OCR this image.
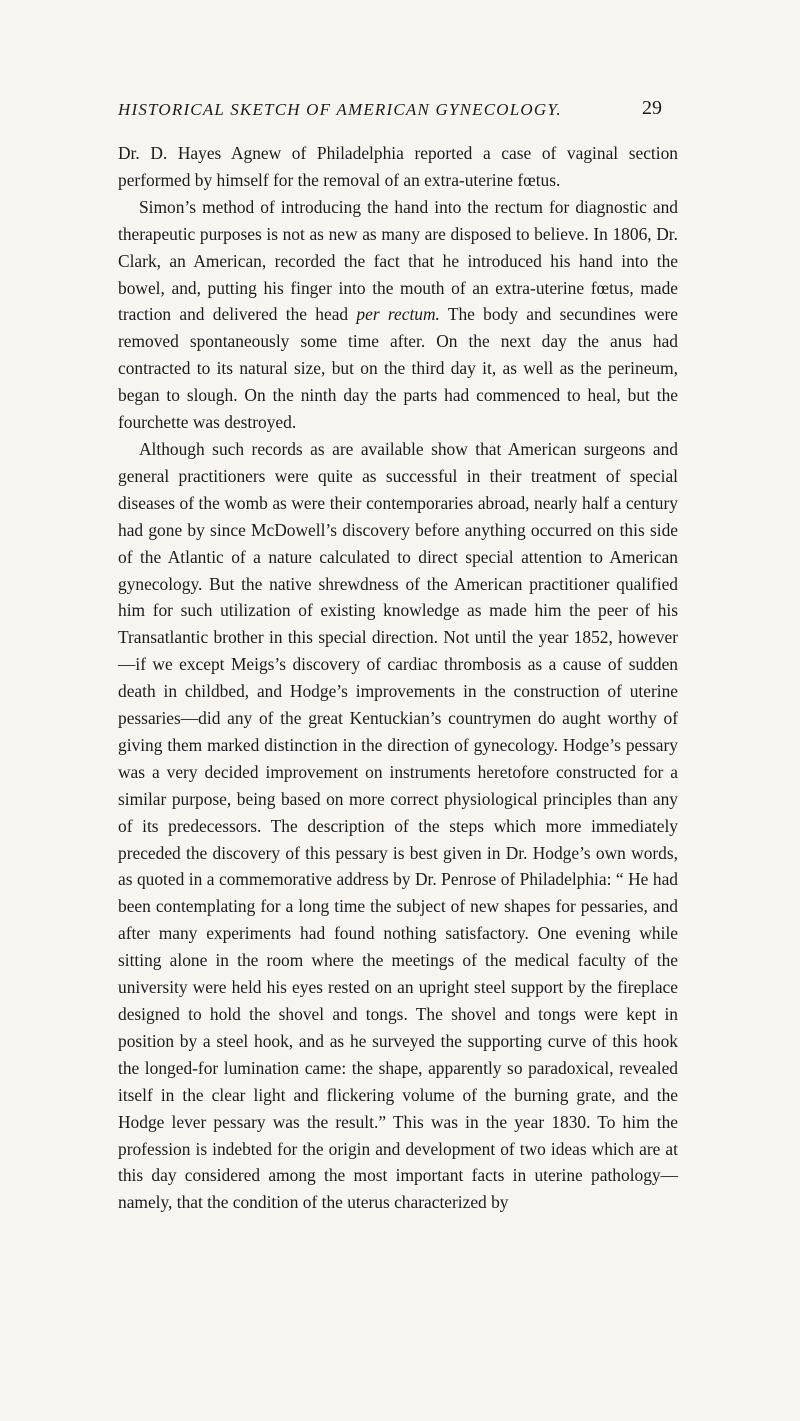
HISTORICAL SKETCH OF AMERICAN GYNECOLOGY.	29

Dr. D. Hayes Agnew of Philadelphia reported a case of vaginal section performed by himself for the removal of an extra-uterine fœtus.

Simon’s method of introducing the hand into the rectum for diagnostic and therapeutic purposes is not as new as many are disposed to believe. In 1806, Dr. Clark, an American, recorded the fact that he introduced his hand into the bowel, and, putting his finger into the mouth of an extra-uterine fœtus, made traction and delivered the head per rectum. The body and secundines were removed spontaneously some time after. On the next day the anus had contracted to its natural size, but on the third day it, as well as the perineum, began to slough. On the ninth day the parts had commenced to heal, but the fourchette was destroyed.

Although such records as are available show that American surgeons and general practitioners were quite as successful in their treatment of special diseases of the womb as were their contemporaries abroad, nearly half a century had gone by since McDowell’s discovery before anything occurred on this side of the Atlantic of a nature calculated to direct special attention to American gynecology. But the native shrewdness of the American practitioner qualified him for such utilization of existing knowledge as made him the peer of his Transatlantic brother in this special direction. Not until the year 1852, however—if we except Meigs’s discovery of cardiac thrombosis as a cause of sudden death in childbed, and Hodge’s improvements in the construction of uterine pessaries—did any of the great Kentuckian’s countrymen do aught worthy of giving them marked distinction in the direction of gynecology. Hodge’s pessary was a very decided improvement on instruments heretofore constructed for a similar purpose, being based on more correct physiological principles than any of its predecessors. The description of the steps which more immediately preceded the discovery of this pessary is best given in Dr. Hodge’s own words, as quoted in a commemorative address by Dr. Penrose of Philadelphia: “ He had been contemplating for a long time the subject of new shapes for pessaries, and after many experiments had found nothing satisfactory. One evening while sitting alone in the room where the meetings of the medical faculty of the university were held his eyes rested on an upright steel support by the fireplace designed to hold the shovel and tongs. The shovel and tongs were kept in position by a steel hook, and as he surveyed the supporting curve of this hook the longed-for lumination came: the shape, apparently so paradoxical, revealed itself in the clear light and flickering volume of the burning grate, and the Hodge lever pessary was the result.” This was in the year 1830. To him the profession is indebted for the origin and development of two ideas which are at this day considered among the most important facts in uterine pathology—namely, that the condition of the uterus characterized by
